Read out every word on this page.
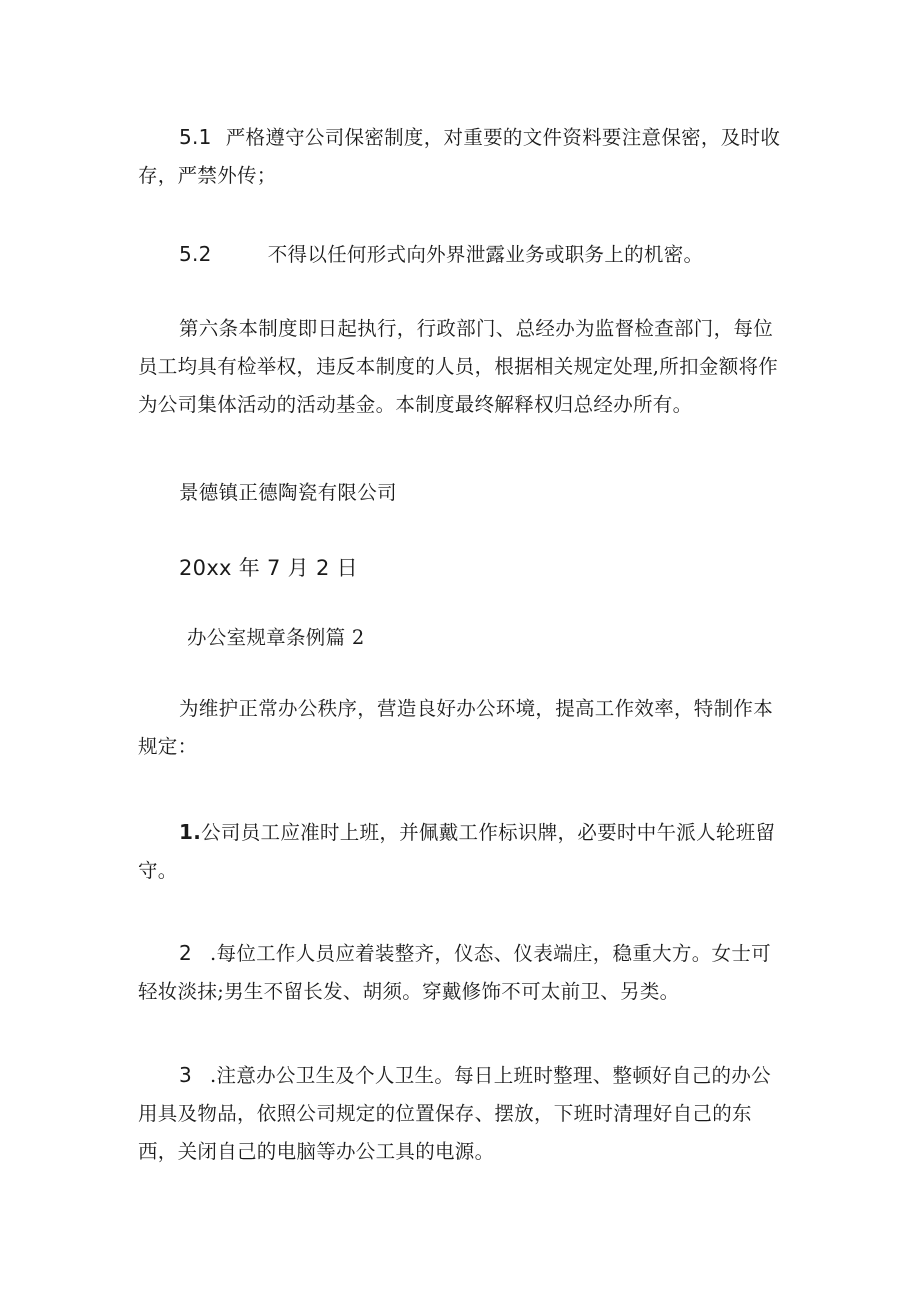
5.1 严格遵守公司保密制度，对重要的文件资料要注意保密，及时收存，严禁外传；

5.2	不得以任何形式向外界泄露业务或职务上的机密。

第六条本制度即日起执行，行政部门、总经办为监督检查部门，每位员工均具有检举权，违反本制度的人员，根据相关规定处理,所扣金额将作为公司集体活动的活动基金。本制度最终解释权归总经办所有。

景德镇正德陶瓷有限公司

20xx 年 7 月 2 日

办公室规章条例篇 2

为维护正常办公秩序，营造良好办公环境，提高工作效率，特制作本规定：

1.公司员工应准时上班，并佩戴工作标识牌，必要时中午派人轮班留守。

2 .每位工作人员应着装整齐，仪态、仪表端庄，稳重大方。女士可轻妆淡抹;男生不留长发、胡须。穿戴修饰不可太前卫、另类。

3 .注意办公卫生及个人卫生。每日上班时整理、整顿好自己的办公用具及物品，依照公司规定的位置保存、摆放，下班时清理好自己的东西，关闭自己的电脑等办公工具的电源。
